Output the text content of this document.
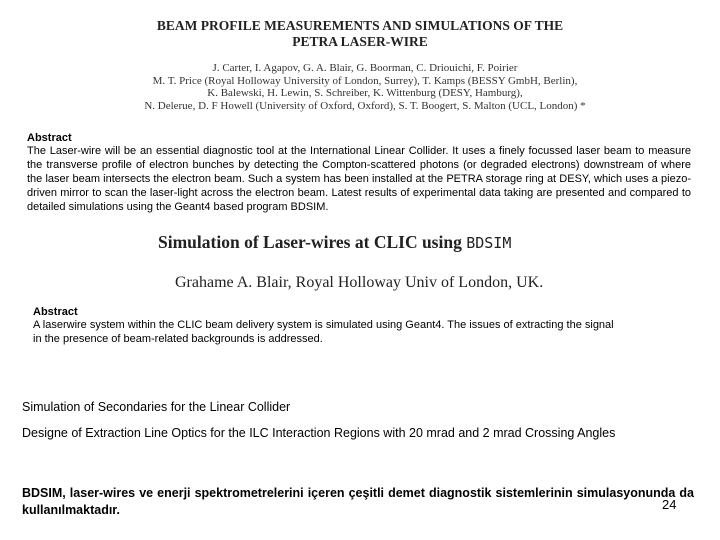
BEAM PROFILE MEASUREMENTS AND SIMULATIONS OF THE
PETRA LASER-WIRE
J. Carter, I. Agapov, G. A. Blair, G. Boorman, C. Driouichi, F. Poirier
M. T. Price (Royal Holloway University of London, Surrey), T. Kamps (BESSY GmbH, Berlin),
K. Balewski, H. Lewin, S. Schreiber, K. Wittenburg (DESY, Hamburg),
N. Delerue, D. F Howell (University of Oxford, Oxford), S. T. Boogert, S. Malton (UCL, London) *
Abstract
The Laser-wire will be an essential diagnostic tool at the International Linear Collider. It uses a finely focussed laser beam to measure the transverse profile of electron bunches by detecting the Compton-scattered photons (or degraded electrons) downstream of where the laser beam intersects the electron beam. Such a system has been installed at the PETRA storage ring at DESY, which uses a piezo-driven mirror to scan the laser-light across the electron beam. Latest results of experimental data taking are presented and compared to detailed simulations using the Geant4 based program BDSIM.
Simulation of Laser-wires at CLIC using BDSIM
Grahame A. Blair, Royal Holloway Univ of London, UK.
Abstract
A laserwire system within the CLIC beam delivery system is simulated using Geant4. The issues of extracting the signal
in the presence of beam-related backgrounds is addressed.
Simulation of Secondaries for the Linear Collider
Designe of Extraction Line Optics for the ILC Interaction Regions with 20 mrad and 2 mrad Crossing Angles
BDSIM, laser-wires ve enerji spektrometrelerini içeren çeşitli demet diagnostik sistemlerinin simulasyonunda da kullanılmaktadır.	24
